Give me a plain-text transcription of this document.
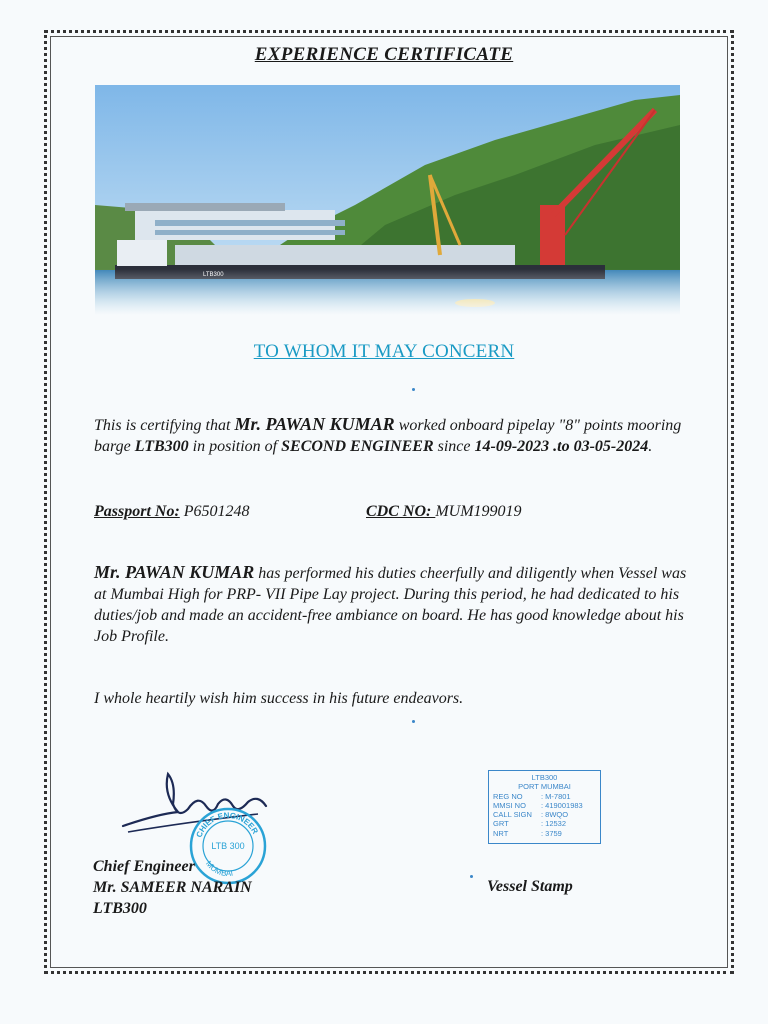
EXPERIENCE CERTIFICATE
TO WHOM IT MAY CONCERN
This is certifying that Mr. PAWAN KUMAR worked onboard pipelay "8" points mooring barge LTB300 in position of SECOND ENGINEER since 14-09-2023 .to 03-05-2024.
Passport No: P6501248	CDC NO: MUM199019
Mr. PAWAN KUMAR has performed his duties cheerfully and diligently when Vessel was at Mumbai High for PRP- VII Pipe Lay project. During this period, he had dedicated to his duties/job and made an accident-free ambiance on board. He has good knowledge about his Job Profile.
I whole heartily wish him success in his future endeavors.
CHIEF ENGINEER
LTB 300
MUMBAI
Chief Engineer
Mr. SAMEER NARAIN
LTB300
LTB300
PORT MUMBAI
REG NO	: M-7801
MMSI NO	: 419001983
CALL SIGN	: 8WQO
GRT	: 12532
NRT	: 3759
Vessel Stamp
